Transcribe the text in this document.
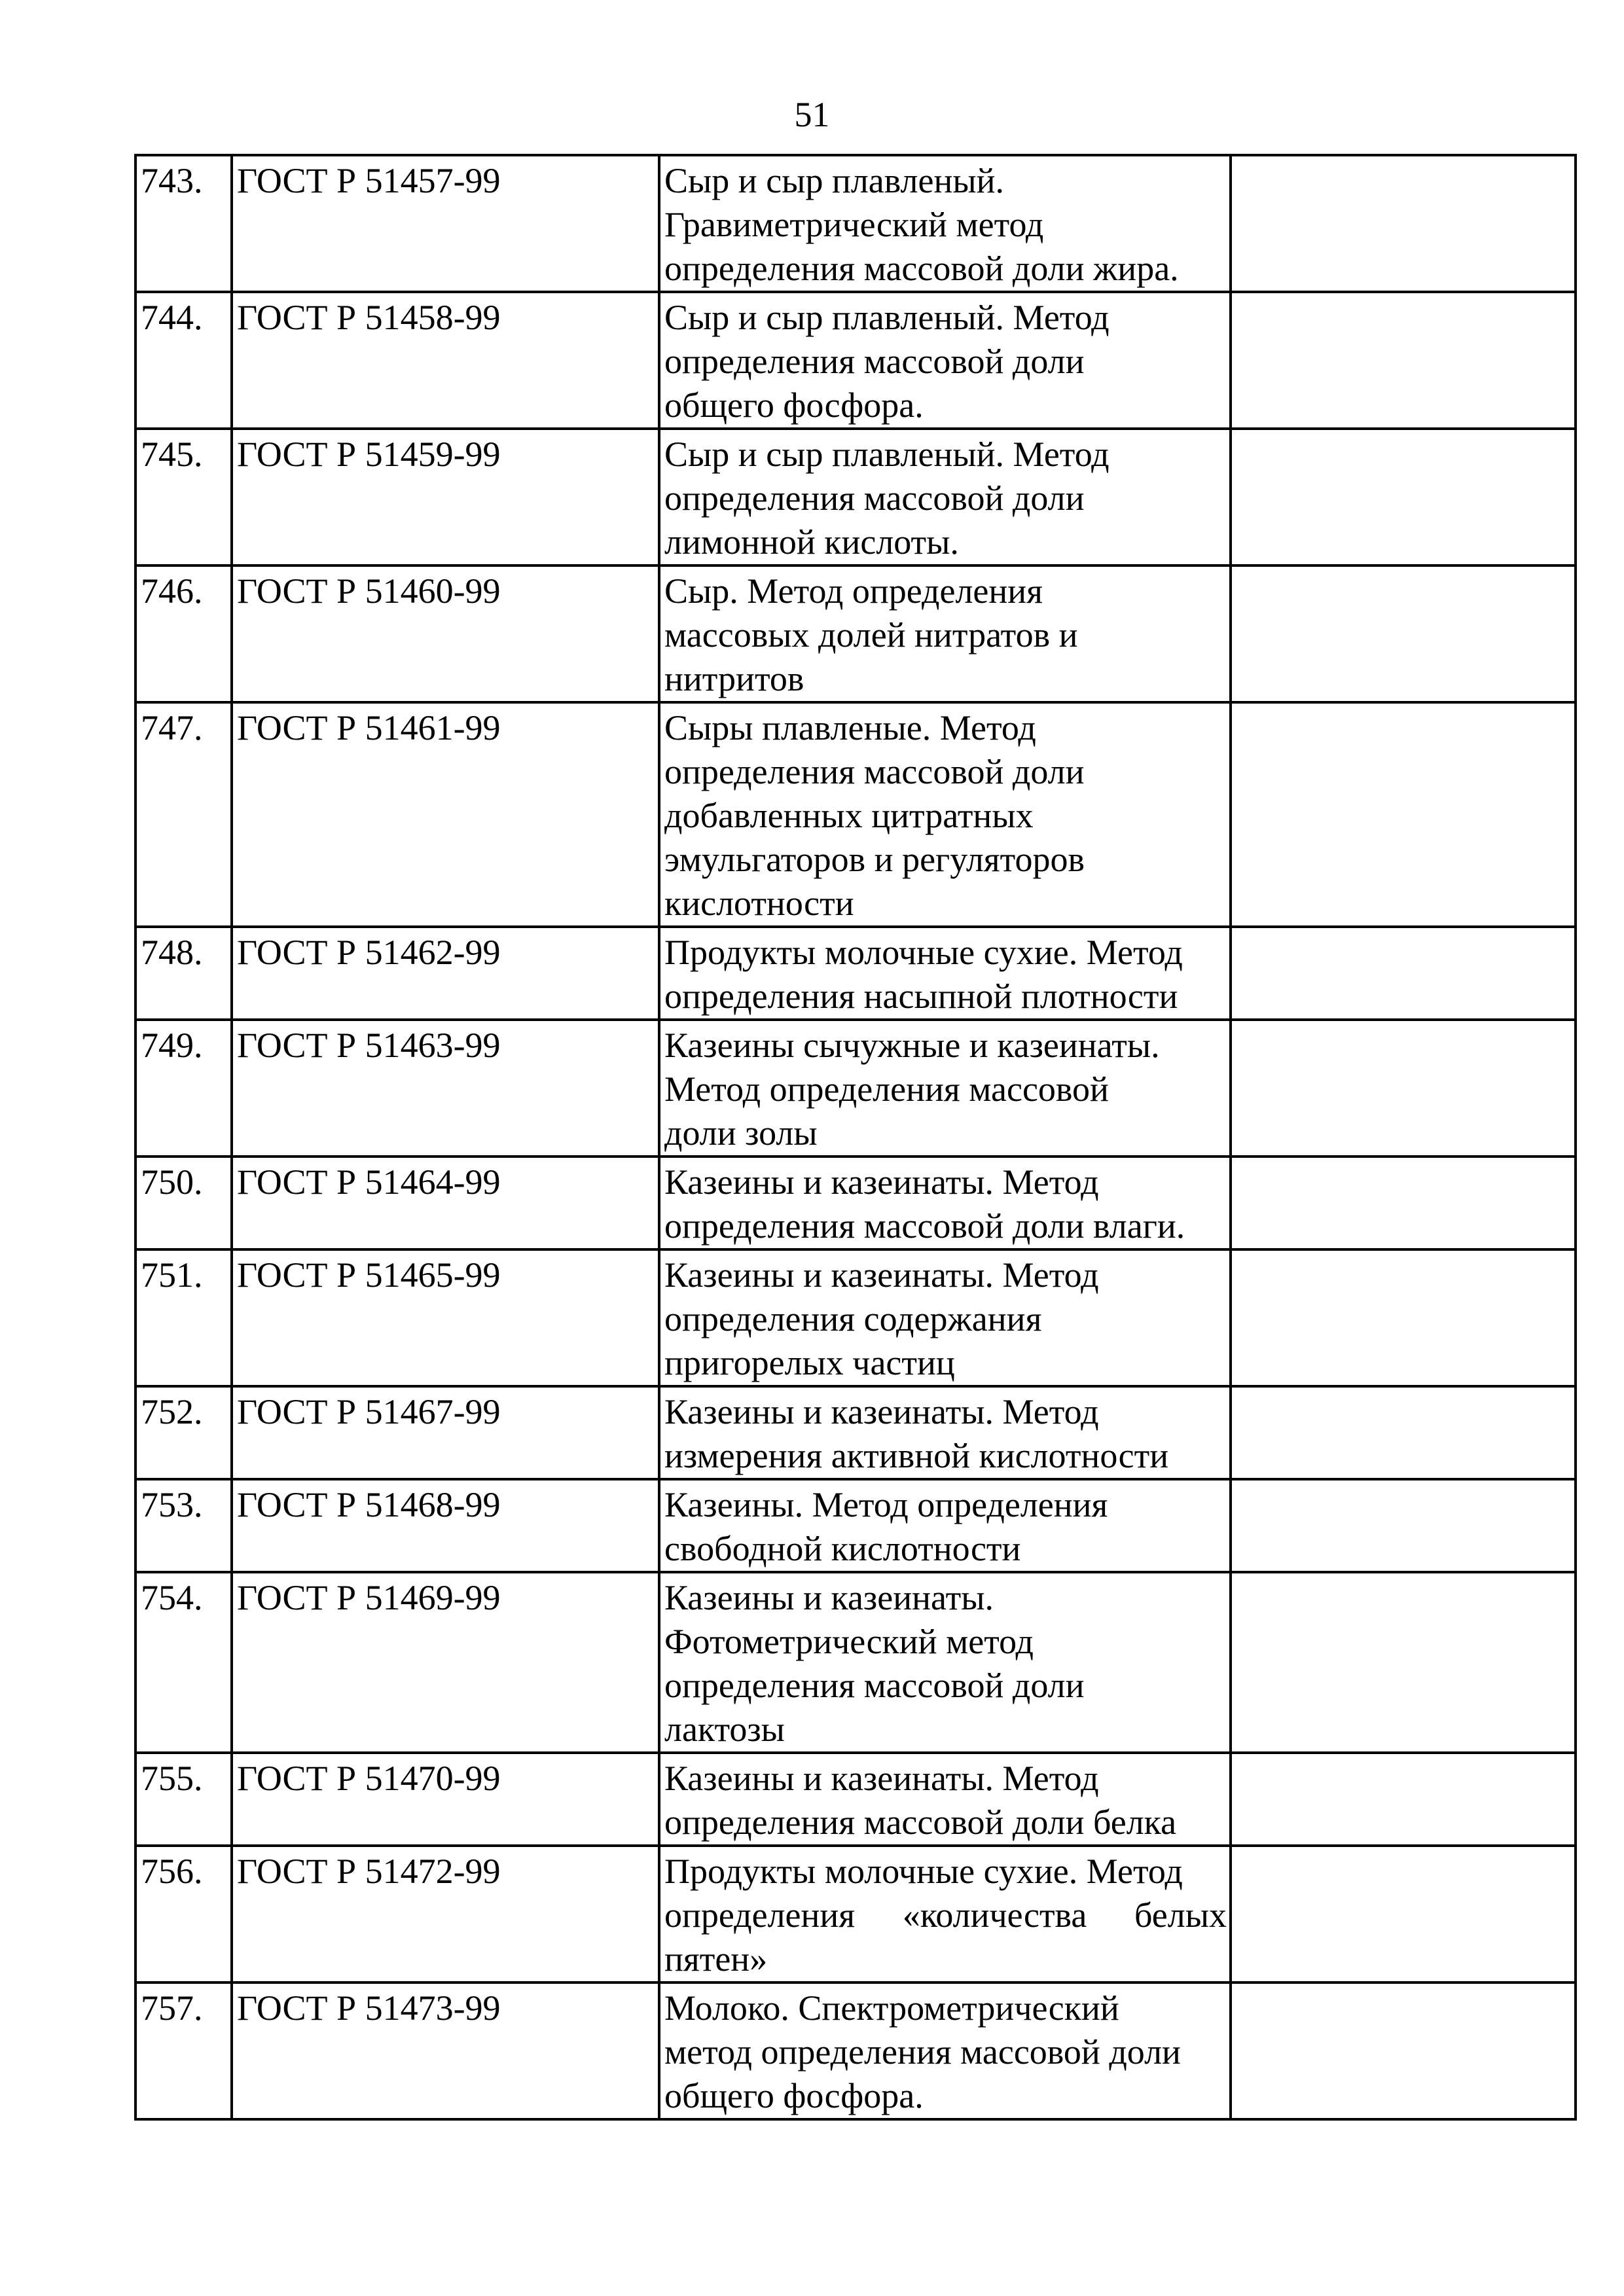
51
743.	ГОСТ Р 51457-99	Сыр и сыр плавленый.
Гравиметрический метод
определения массовой доли жира.	

744.	ГОСТ Р 51458-99	Сыр и сыр плавленый. Метод
определения массовой доли
общего фосфора.	

745.	ГОСТ Р 51459-99	Сыр и сыр плавленый. Метод
определения массовой доли
лимонной кислоты.	

746.	ГОСТ Р 51460-99	Сыр. Метод определения
массовых долей нитратов и
нитритов	

747.	ГОСТ Р 51461-99	Сыры плавленые. Метод
определения массовой доли
добавленных цитратных
эмульгаторов и регуляторов
кислотности	

748.	ГОСТ Р 51462-99	Продукты молочные сухие. Метод
определения насыпной плотности	

749.	ГОСТ Р 51463-99	Казеины сычужные и казеинаты.
Метод определения массовой
доли золы	

750.	ГОСТ Р 51464-99	Казеины и казеинаты. Метод
определения массовой доли влаги.	

751.	ГОСТ Р 51465-99	Казеины и казеинаты. Метод
определения содержания
пригорелых частиц	

752.	ГОСТ Р 51467-99	Казеины и казеинаты. Метод
измерения активной кислотности	

753.	ГОСТ Р 51468-99	Казеины. Метод определения
свободной кислотности	

754.	ГОСТ Р 51469-99	Казеины и казеинаты.
Фотометрический метод
определения массовой доли
лактозы	

755.	ГОСТ Р 51470-99	Казеины и казеинаты. Метод
определения массовой доли белка	

756.	ГОСТ Р 51472-99	Продукты молочные сухие. Метод
определения «количества белых
пятен»	

757.	ГОСТ Р 51473-99	Молоко. Спектрометрический
метод определения массовой доли
общего фосфора.	
